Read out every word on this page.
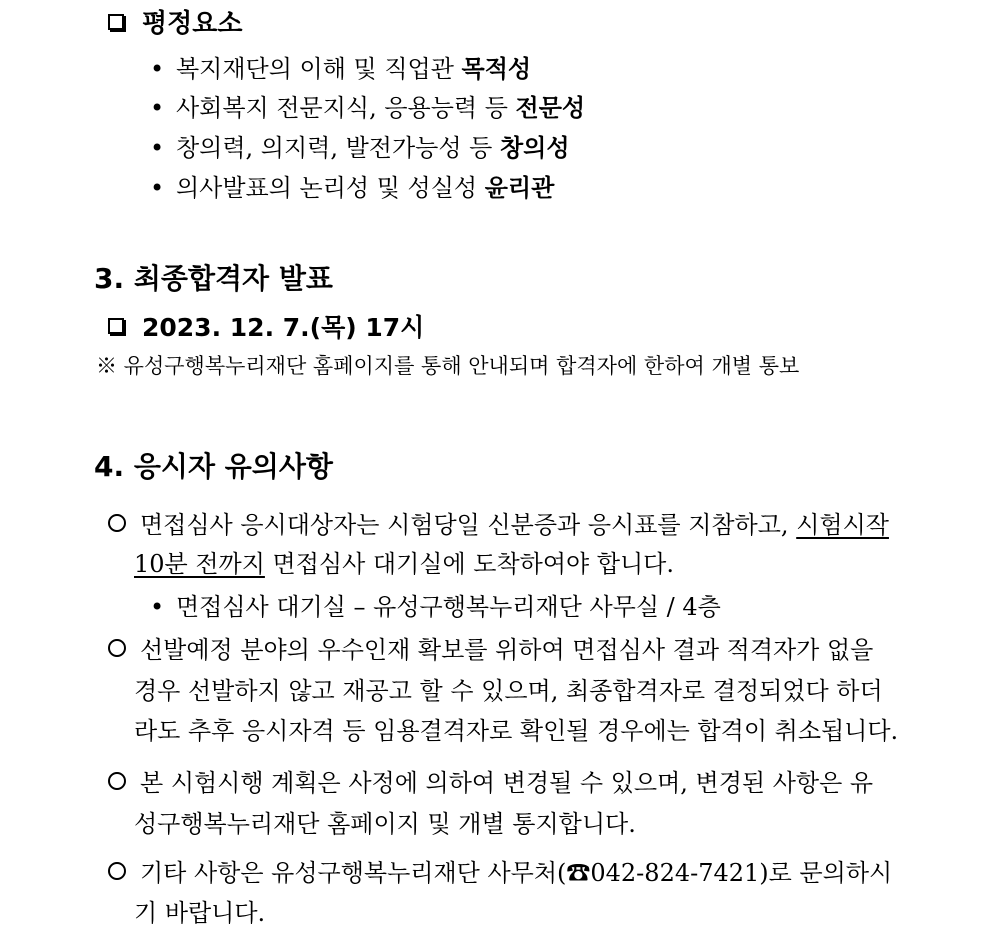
평정요소
• 복지재단의 이해 및 직업관 목적성
• 사회복지 전문지식, 응용능력 등 전문성
• 창의력, 의지력, 발전가능성 등 창의성
• 의사발표의 논리성 및 성실성 윤리관
3. 최종합격자 발표
2023. 12. 7.(목) 17시
※ 유성구행복누리재단 홈페이지를 통해 안내되며 합격자에 한하여 개별 통보
4. 응시자 유의사항
면접심사 응시대상자는 시험당일 신분증과 응시표를 지참하고, 시험시작
10분 전까지 면접심사 대기실에 도착하여야 합니다.
• 면접심사 대기실 – 유성구행복누리재단 사무실 / 4층
선발예정 분야의 우수인재 확보를 위하여 면접심사 결과 적격자가 없을
경우 선발하지 않고 재공고 할 수 있으며, 최종합격자로 결정되었다 하더
라도 추후 응시자격 등 임용결격자로 확인될 경우에는 합격이 취소됩니다.
본 시험시행 계획은 사정에 의하여 변경될 수 있으며, 변경된 사항은 유
성구행복누리재단 홈페이지 및 개별 통지합니다.
기타 사항은 유성구행복누리재단 사무처(☎042-824-7421)로 문의하시
기 바랍니다.
